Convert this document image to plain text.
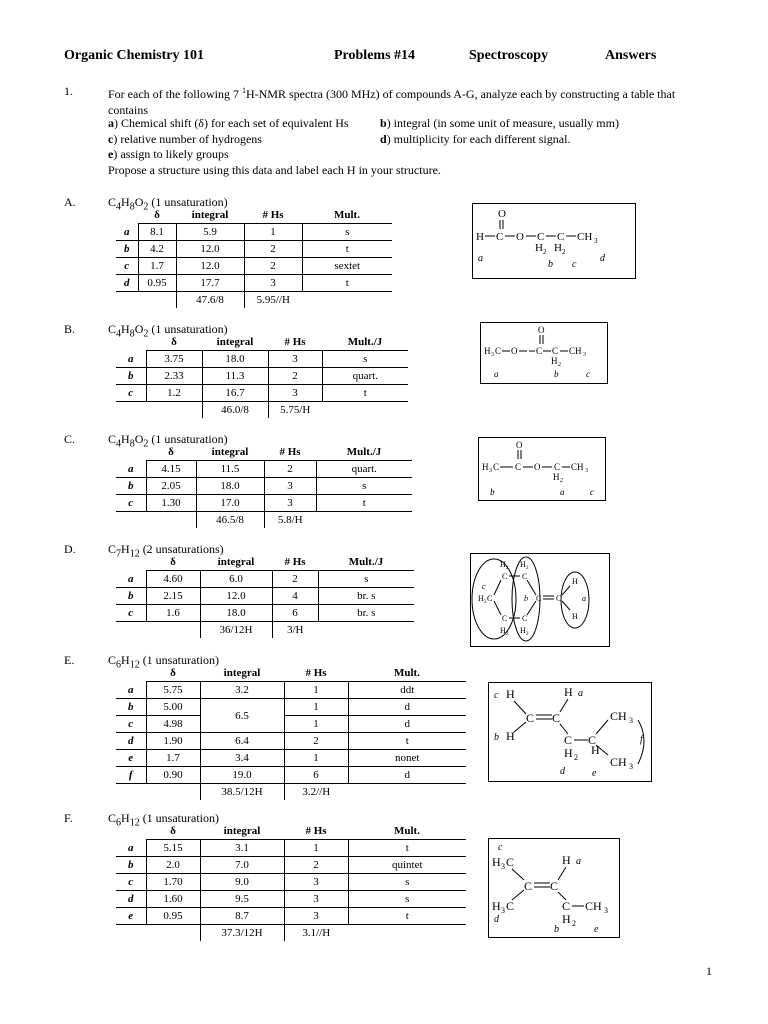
Organic Chemistry 101	Problems #14	Spectroscopy	Answers
1.	For each of the following 7 $^1$H-NMR spectra (300 MHz) of compounds A-G, analyze each by constructing a table that
contains
a) Chemical shift (δ) for each set of equivalent Hs	b) integral (in some unit of measure, usually mm)
c) relative number of hydrogens	d) multiplicity for each different signal.
e) assign to likely groups
Propose a structure using this data and label each H in your structure.
A.	$C_4H_8O_2$ (1 unsaturation)
	δ	integral	# Hs	Mult.
a	8.1	5.9	1	s
b	4.2	12.0	2	t
c	1.7	12.0	2	sextet
d	0.95	17.7	3	t
		47.6/8	5.95//H	
B.	$C_4H_8O_2$ (1 unsaturation)
	δ	integral	# Hs	Mult./J
a	3.75	18.0	3	s
b	2.33	11.3	2	quart.
c	1.2	16.7	3	t
		46.0/8	5.75/H	
C.	$C_4H_8O_2$ (1 unsaturation)
	δ	integral	# Hs	Mult./J
a	4.15	11.5	2	quart.
b	2.05	18.0	3	s
c	1.30	17.0	3	t
		46.5/8	5.8/H	
D.	$C_7H_{12}$ (2 unsaturations)
	δ	integral	# Hs	Mult./J
a	4.60	6.0	2	s
b	2.15	12.0	4	br. s
c	1.6	18.0	6	br. s
		36/12H	3/H	
E.	$C_6H_{12}$ (1 unsaturation)
	δ	integral	# Hs	Mult.
a	5.75	3.2	1	ddt
b	5.00	6.5	1	d
c	4.98		1	d
d	1.90	6.4	2	t
e	1.7	3.4	1	nonet
f	0.90	19.0	6	d
		38.5/12H	3.2//H	
F.	$C_6H_{12}$ (1 unsaturation)
	δ	integral	# Hs	Mult.
a	5.15	3.1	1	t
b	2.0	7.0	2	quintet
c	1.70	9.0	3	s
d	1.60	9.5	3	s
e	0.95	8.7	3	t
		37.3/12H	3.1//H	
O
H C O C C CH 3
H 2 H 2
a
b c
d
O
H 3 C O C C CH 3
H 2
a	b	c
O
H 3 C C O C CH 3
H 2
b	a	c
H 2 H 2
C C
H 2 C	C C
H
H
C C
H 2 H 2
c
b	a
c H	H a
C C
b H	C C
CH 3
CH 3
H 2
H
f
d	e
c
H 3 C	H a
C C
H 3 C
d
C CH 3
H 2
b	e
1
